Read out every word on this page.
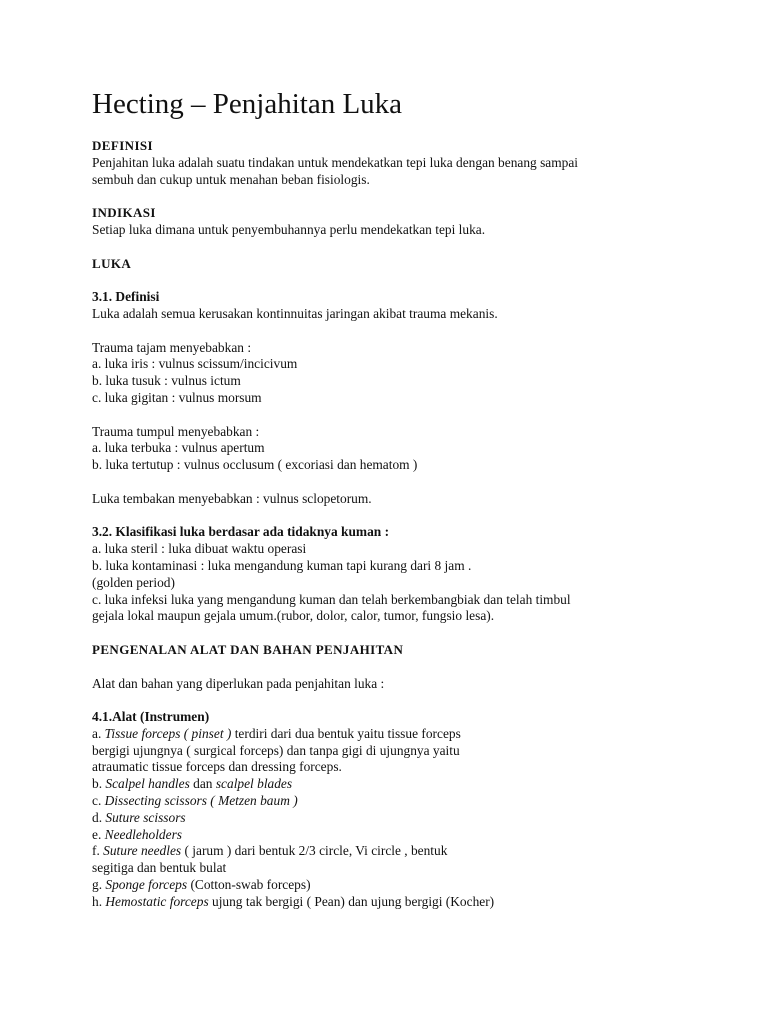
Hecting – Penjahitan Luka
DEFINISI

Penjahitan luka adalah suatu tindakan untuk mendekatkan tepi luka dengan benang sampai

sembuh dan cukup untuk menahan beban fisiologis.

INDIKASI

Setiap luka dimana untuk penyembuhannya perlu mendekatkan tepi luka.

LUKA
3.1. Definisi

Luka adalah semua kerusakan kontinnuitas jaringan akibat trauma mekanis.

Trauma tajam menyebabkan :

a. luka iris : vulnus scissum/incicivum

b. luka tusuk : vulnus ictum

c. luka gigitan : vulnus morsum

Trauma tumpul menyebabkan :

a. luka terbuka : vulnus apertum

b. luka tertutup : vulnus occlusum ( excoriasi dan hematom )

Luka tembakan menyebabkan : vulnus sclopetorum.

3.2. Klasifikasi luka berdasar ada tidaknya kuman :

a. luka steril : luka dibuat waktu operasi

b. luka kontaminasi : luka mengandung kuman tapi kurang dari 8 jam .

(golden period)

c. luka infeksi luka yang mengandung kuman dan telah berkembangbiak dan telah timbul

gejala lokal maupun gejala umum.(rubor, dolor, calor, tumor, fungsio lesa).

PENGENALAN ALAT DAN BAHAN PENJAHITAN

Alat dan bahan yang diperlukan pada penjahitan luka :

4.1.Alat (Instrumen)

a. Tissue forceps ( pinset ) terdiri dari dua bentuk yaitu tissue forceps

bergigi ujungnya ( surgical forceps) dan tanpa gigi di ujungnya yaitu

atraumatic tissue forceps dan dressing forceps.

b. Scalpel handles dan scalpel blades

c. Dissecting scissors ( Metzen baum )

d. Suture scissors

e. Needleholders

f. Suture needles ( jarum ) dari bentuk 2/3 circle, Vi circle , bentuk

segitiga dan bentuk bulat

g. Sponge forceps (Cotton-swab forceps)

h. Hemostatic forceps ujung tak bergigi ( Pean) dan ujung bergigi (Kocher)
